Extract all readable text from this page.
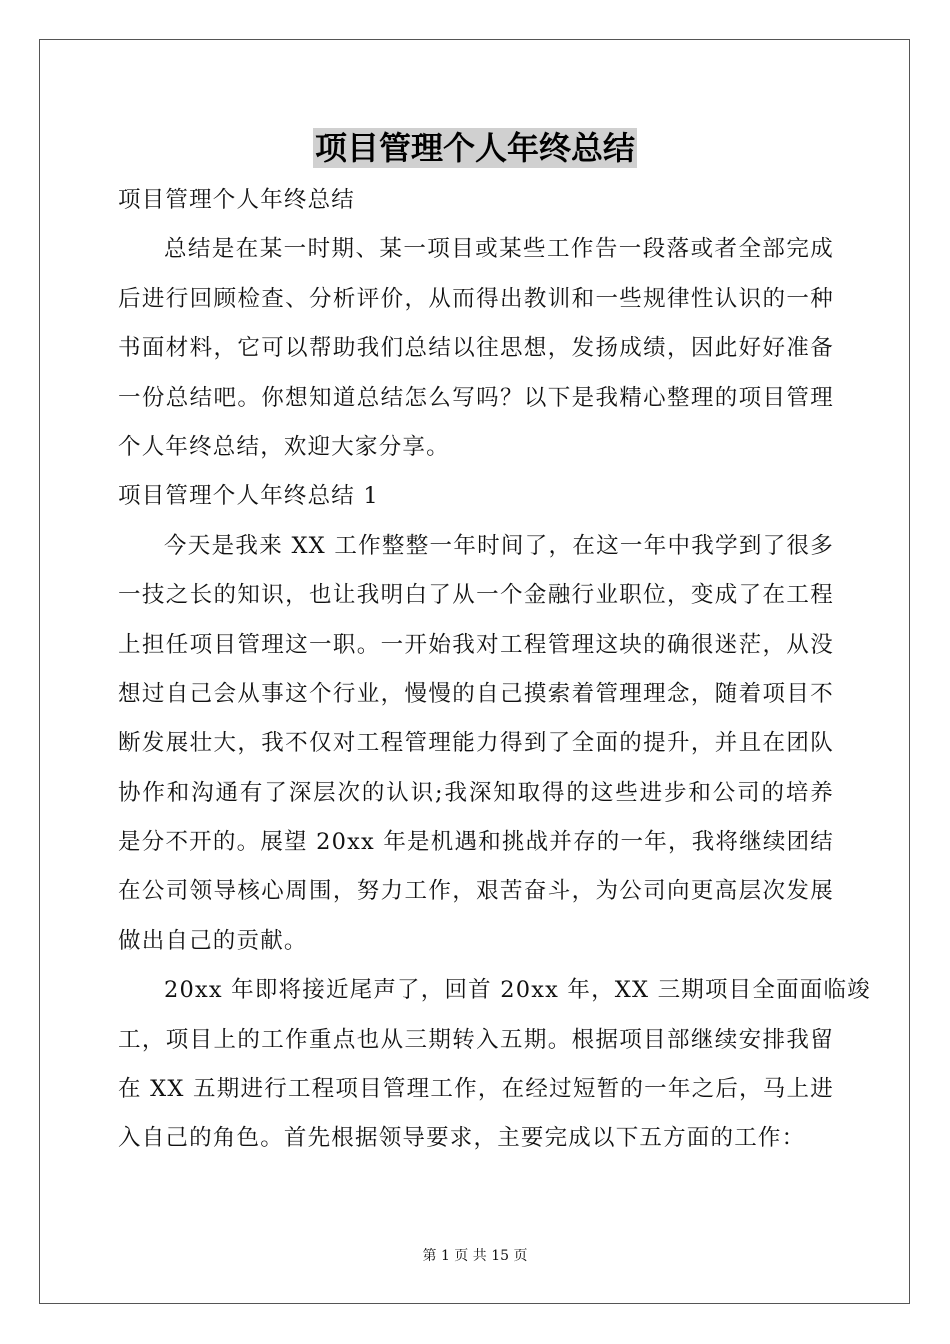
项目管理个人年终总结
项目管理个人年终总结
总结是在某一时期、某一项目或某些工作告一段落或者全部完成
后进行回顾检查、分析评价，从而得出教训和一些规律性认识的一种
书面材料，它可以帮助我们总结以往思想，发扬成绩，因此好好准备
一份总结吧。你想知道总结怎么写吗？以下是我精心整理的项目管理
个人年终总结，欢迎大家分享。
项目管理个人年终总结 1
今天是我来 XX 工作整整一年时间了，在这一年中我学到了很多
一技之长的知识，也让我明白了从一个金融行业职位，变成了在工程
上担任项目管理这一职。一开始我对工程管理这块的确很迷茫，从没
想过自己会从事这个行业，慢慢的自己摸索着管理理念，随着项目不
断发展壮大，我不仅对工程管理能力得到了全面的提升，并且在团队
协作和沟通有了深层次的认识;我深知取得的这些进步和公司的培养
是分不开的。展望 20xx 年是机遇和挑战并存的一年，我将继续团结
在公司领导核心周围，努力工作，艰苦奋斗，为公司向更高层次发展
做出自己的贡献。
20xx 年即将接近尾声了，回首 20xx 年，XX 三期项目全面面临竣
工，项目上的工作重点也从三期转入五期。根据项目部继续安排我留
在 XX 五期进行工程项目管理工作，在经过短暂的一年之后，马上进
入自己的角色。首先根据领导要求，主要完成以下五方面的工作：
第 1 页 共 15 页
